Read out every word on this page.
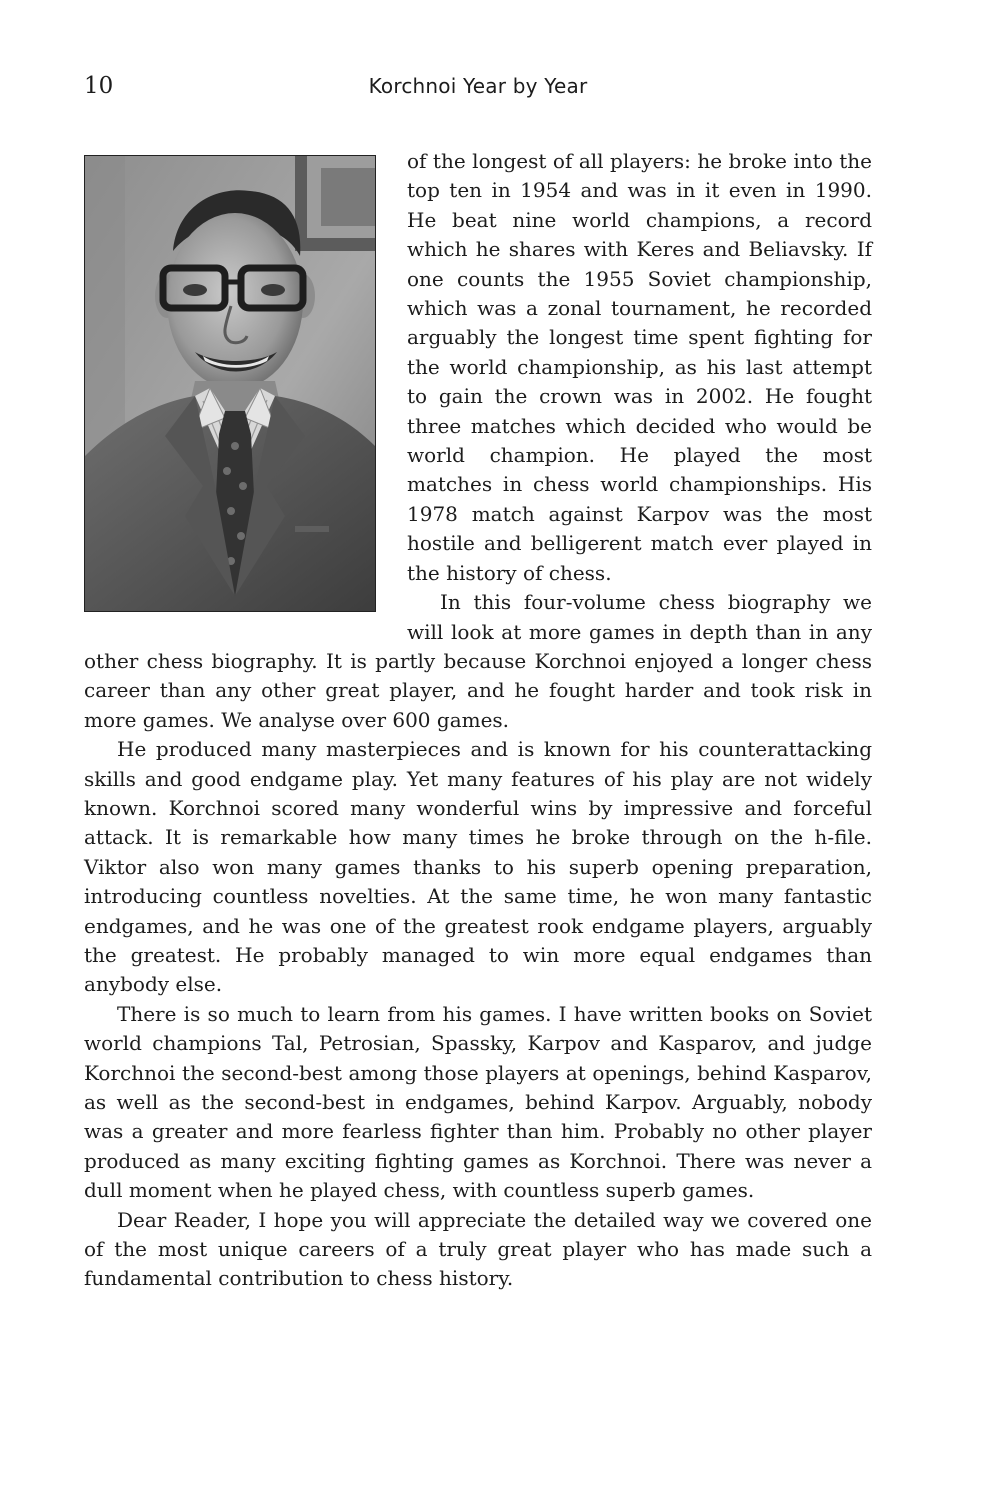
10	Korchnoi Year by Year

of the longest of all players: he broke into the top ten in 1954 and was in it even in 1990. He beat nine world champions, a record which he shares with Keres and Beliavsky. If one counts the 1955 Soviet championship, which was a zonal tournament, he recorded arguably the longest time spent fighting for the world championship, as his last attempt to gain the crown was in 2002. He fought three matches which decided who would be world champion. He played the most matches in chess world championships. His 1978 match against Karpov was the most hostile and belligerent match ever played in the history of chess.

In this four-volume chess biography we will look at more games in depth than in any other chess biography. It is partly because Korchnoi enjoyed a longer chess career than any other great player, and he fought harder and took risk in more games. We analyse over 600 games.

He produced many masterpieces and is known for his counterattacking skills and good endgame play. Yet many features of his play are not widely known. Korchnoi scored many wonderful wins by impressive and forceful attack. It is remarkable how many times he broke through on the h-file. Viktor also won many games thanks to his superb opening preparation, introducing countless novelties. At the same time, he won many fantastic endgames, and he was one of the greatest rook endgame players, arguably the greatest. He probably managed to win more equal endgames than anybody else.

There is so much to learn from his games. I have written books on Soviet world champions Tal, Petrosian, Spassky, Karpov and Kasparov, and judge Korchnoi the second-best among those players at openings, behind Kasparov, as well as the second-best in endgames, behind Karpov. Arguably, nobody was a greater and more fearless fighter than him. Probably no other player produced as many exciting fighting games as Korchnoi. There was never a dull moment when he played chess, with countless superb games.

Dear Reader, I hope you will appreciate the detailed way we covered one of the most unique careers of a truly great player who has made such a fundamental contribution to chess history.
